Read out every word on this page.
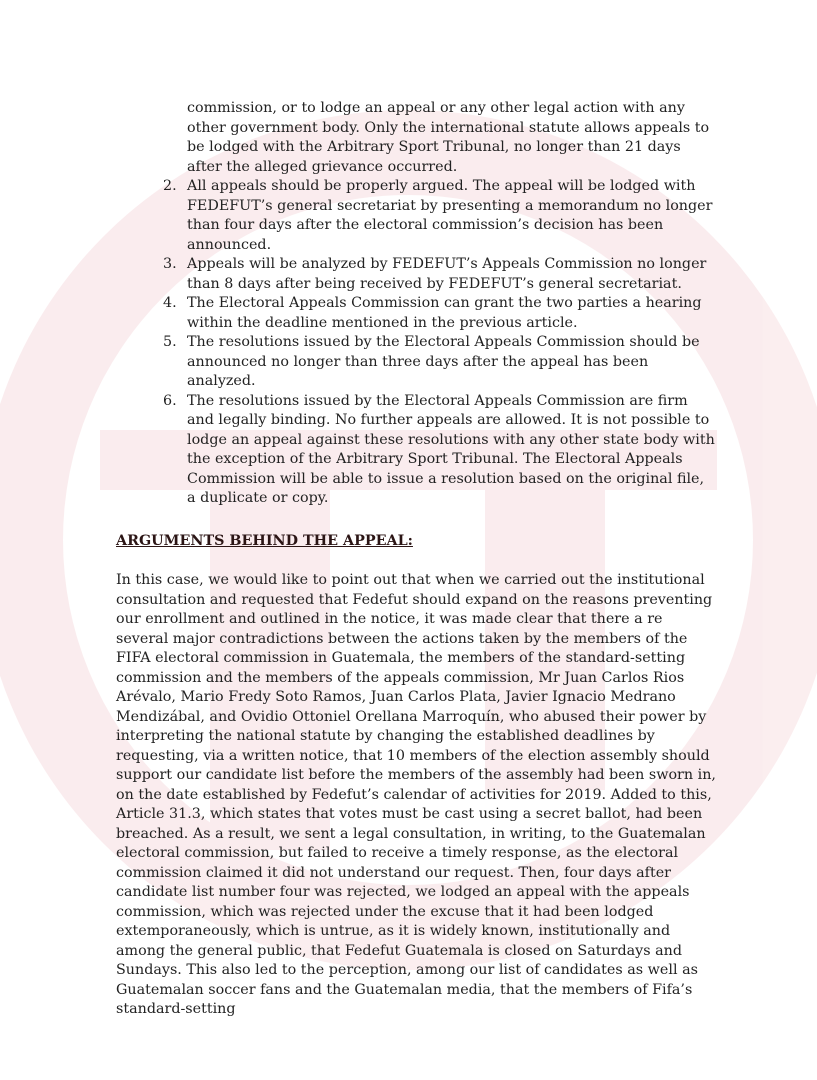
commission, or to lodge an appeal or any other legal action with any other government body. Only the international statute allows appeals to be lodged with the Arbitrary Sport Tribunal, no longer than 21 days after the alleged grievance occurred.

2. All appeals should be properly argued. The appeal will be lodged with FEDEFUT’s general secretariat by presenting a memorandum no longer than four days after the electoral commission’s decision has been announced.
3. Appeals will be analyzed by FEDEFUT’s Appeals Commission no longer than 8 days after being received by FEDEFUT’s general secretariat.
4. The Electoral Appeals Commission can grant the two parties a hearing within the deadline mentioned in the previous article.
5. The resolutions issued by the Electoral Appeals Commission should be announced no longer than three days after the appeal has been analyzed.
6. The resolutions issued by the Electoral Appeals Commission are firm and legally binding. No further appeals are allowed. It is not possible to lodge an appeal against these resolutions with any other state body with the exception of the Arbitrary Sport Tribunal. The Electoral Appeals Commission will be able to issue a resolution based on the original file, a duplicate or copy.

ARGUMENTS BEHIND THE APPEAL:

In this case, we would like to point out that when we carried out the institutional consultation and requested that Fedefut should expand on the reasons preventing our enrollment and outlined in the notice, it was made clear that there a re several major contradictions between the actions taken by the members of the FIFA electoral commission in Guatemala, the members of the standard-setting commission and the members of the appeals commission, Mr Juan Carlos Rios Arévalo, Mario Fredy Soto Ramos, Juan Carlos Plata, Javier Ignacio Medrano Mendizábal, and Ovidio Ottoniel Orellana Marroquín, who abused their power by interpreting the national statute by changing the established deadlines by requesting, via a written notice, that 10 members of the election assembly should support our candidate list before the members of the assembly had been sworn in, on the date established by Fedefut’s calendar of activities for 2019. Added to this, Article 31.3, which states that votes must be cast using a secret ballot, had been breached. As a result, we sent a legal consultation, in writing, to the Guatemalan electoral commission, but failed to receive a timely response, as the electoral commission claimed it did not understand our request. Then, four days after candidate list number four was rejected, we lodged an appeal with the appeals commission, which was rejected under the excuse that it had been lodged extemporaneously, which is untrue, as it is widely known, institutionally and among the general public, that Fedefut Guatemala is closed on Saturdays and Sundays. This also led to the perception, among our list of candidates as well as Guatemalan soccer fans and the Guatemalan media, that the members of Fifa’s standard-setting
